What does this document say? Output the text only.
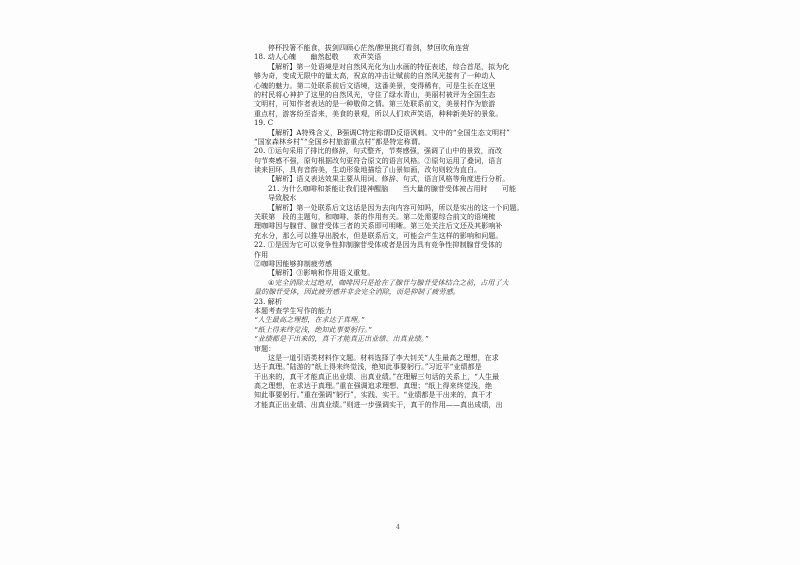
停杯投箸不能食，拔剑四顾心茫然/醉里挑灯看剑，梦回吹角连营
18. 动人心魄　　幽然起敬　　欢声笑语
【解析】第一处语境是对自然风光化为山水画的特征表述，综合首尾，拟为化
够为奇，变成无限中的量太高，祝京的冲击让赋前的自然风光接有了一种动人
心魄的魅力。第二处联系前后文语境，这番美景，变得稀有，可是生长在这里
的村民将心神护了这里的自然风光，守住了绿水青山，美丽村被评为全国生态
文明村，可知作者表达的是一种敬仰之情。第三处联系前文，美景村作为旅游
重点村，游客纷至沓来，美食的景观，所以人们欢声笑语，种种新美好的景象。
19. C
【解析】A特殊含义，B强调C特定称谓D反语讽刺。文中的“全国生态文明村”
“国家森林乡村”“全国乡村旅游重点村”都是特定称谓。
20. ①运句采用了排比的修辞，句式整齐，节奏感强，强调了山中的景致，而改
句节奏感不强，原句根据改句更符合原文的语言风格。②原句运用了叠词，语言
读来回环，具有音韵美，生动形象地描绘了山景如画，改句则较为直白。
【解析】语义表达效果主要从用词、修辞、句式，语言风格等角度进行分析。
21. 为什么咖啡和茶能让我们提神醒脑　　当大量的腺苷受体被占用时　　可能
导致脱水
【解析】第一处联系后文这话是因为去向内容可知吗，所以是实出的这一个问题。
关联第　段的主题句，和咖啡、茶的作用有关。第二处需要综合前文的语境梳
理咖啡因与腺苷、腺苷受体三者的关系即可明晰。第三处关注后文还及其影响补
充水分，那么可以推导出脱水，但是联系后文，可能会产生这样的影响和问题。
22. ①是因为它可以竞争性抑制腺苷受体或者是因为具有竞争性抑制腺苷受体的
作用
②咖啡因能够抑制疲劳感
【解析】③影响和作用语义重复。
④完全消除太过绝对，咖啡因只是抢在了腺苷与腺苷受体结合之前，占用了大
量的腺苷受体，因此疲劳感并非会完全消除，而是抑制了疲劳感。
23. 解析
本题考查学生写作的能力
“人生最高之理想，在求达于真理。”
“纸上得来终觉浅，绝知此事要躬行。”
“业绩都是干出来的，真干才能真正出业绩、出真业绩。”
审题：
这是一道引语类材料作文题。材料选择了李大钊关“人生最高之理想，在求
达于真理。”陆游的“纸上得来终觉浅，绝知此事要躬行。”习近平“业绩都是
干出来的，真干才能真正出业绩、出真业绩。”在理解三句话的关系上，“人生最
高之理想，在求达于真理。”重在强调追求理想、真理；“纸上得来终觉浅，绝
知此事要躬行。”重在强调“躬行”，实践、实干。“业绩都是干出来的，真干才
才能真正出业绩、出真业绩。”则进一步强调实干，真干的作用——真出成绩，出
4
